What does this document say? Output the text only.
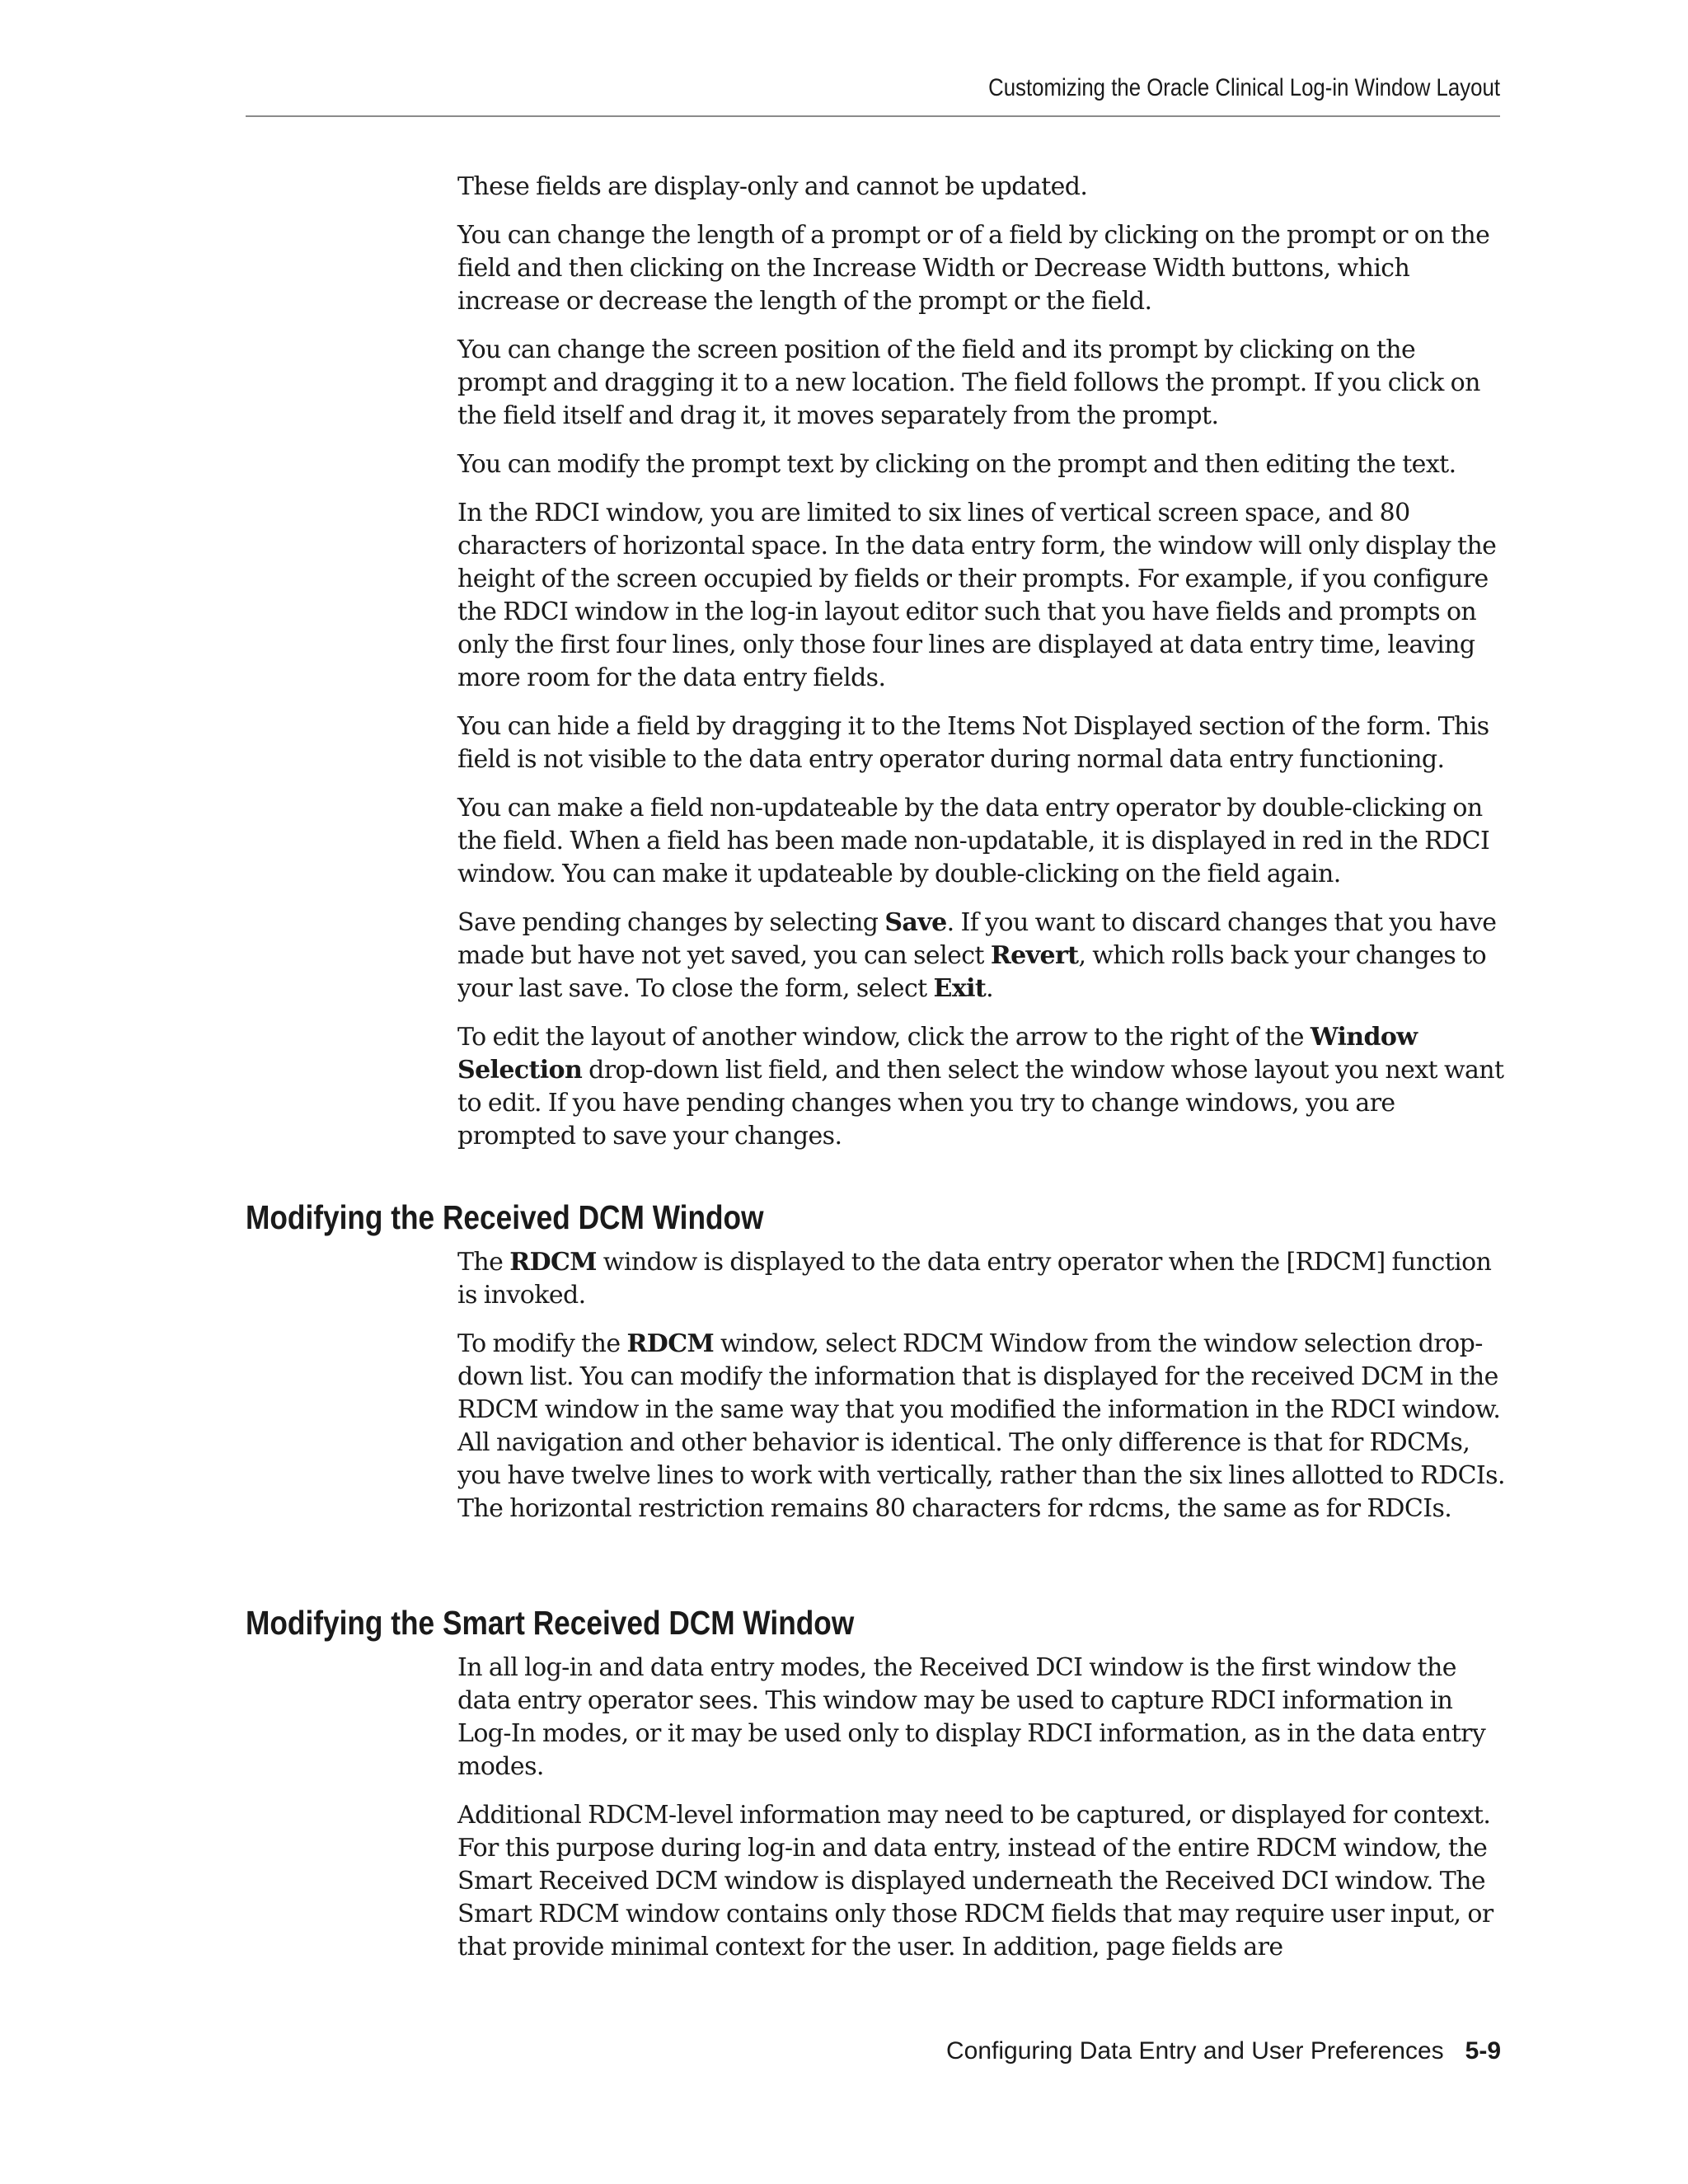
Customizing the Oracle Clinical Log-in Window Layout

These fields are display-only and cannot be updated.

You can change the length of a prompt or of a field by clicking on the prompt or on the field and then clicking on the Increase Width or Decrease Width buttons, which increase or decrease the length of the prompt or the field.

You can change the screen position of the field and its prompt by clicking on the prompt and dragging it to a new location. The field follows the prompt. If you click on the field itself and drag it, it moves separately from the prompt.

You can modify the prompt text by clicking on the prompt and then editing the text.

In the RDCI window, you are limited to six lines of vertical screen space, and 80 characters of horizontal space. In the data entry form, the window will only display the height of the screen occupied by fields or their prompts. For example, if you configure the RDCI window in the log-in layout editor such that you have fields and prompts on only the first four lines, only those four lines are displayed at data entry time, leaving more room for the data entry fields.

You can hide a field by dragging it to the Items Not Displayed section of the form. This field is not visible to the data entry operator during normal data entry functioning.

You can make a field non-updateable by the data entry operator by double-clicking on the field. When a field has been made non-updatable, it is displayed in red in the RDCI window. You can make it updateable by double-clicking on the field again.

Save pending changes by selecting Save. If you want to discard changes that you have made but have not yet saved, you can select Revert, which rolls back your changes to your last save. To close the form, select Exit.

To edit the layout of another window, click the arrow to the right of the Window Selection drop-down list field, and then select the window whose layout you next want to edit. If you have pending changes when you try to change windows, you are prompted to save your changes.

Modifying the Received DCM Window

The RDCM window is displayed to the data entry operator when the [RDCM] function is invoked.

To modify the RDCM window, select RDCM Window from the window selection drop-down list. You can modify the information that is displayed for the received DCM in the RDCM window in the same way that you modified the information in the RDCI window. All navigation and other behavior is identical. The only difference is that for RDCMs, you have twelve lines to work with vertically, rather than the six lines allotted to RDCIs. The horizontal restriction remains 80 characters for rdcms, the same as for RDCIs.

Modifying the Smart Received DCM Window

In all log-in and data entry modes, the Received DCI window is the first window the data entry operator sees. This window may be used to capture RDCI information in Log-In modes, or it may be used only to display RDCI information, as in the data entry modes.

Additional RDCM-level information may need to be captured, or displayed for context. For this purpose during log-in and data entry, instead of the entire RDCM window, the Smart Received DCM window is displayed underneath the Received DCI window. The Smart RDCM window contains only those RDCM fields that may require user input, or that provide minimal context for the user. In addition, page fields are

Configuring Data Entry and User Preferences 5-9
